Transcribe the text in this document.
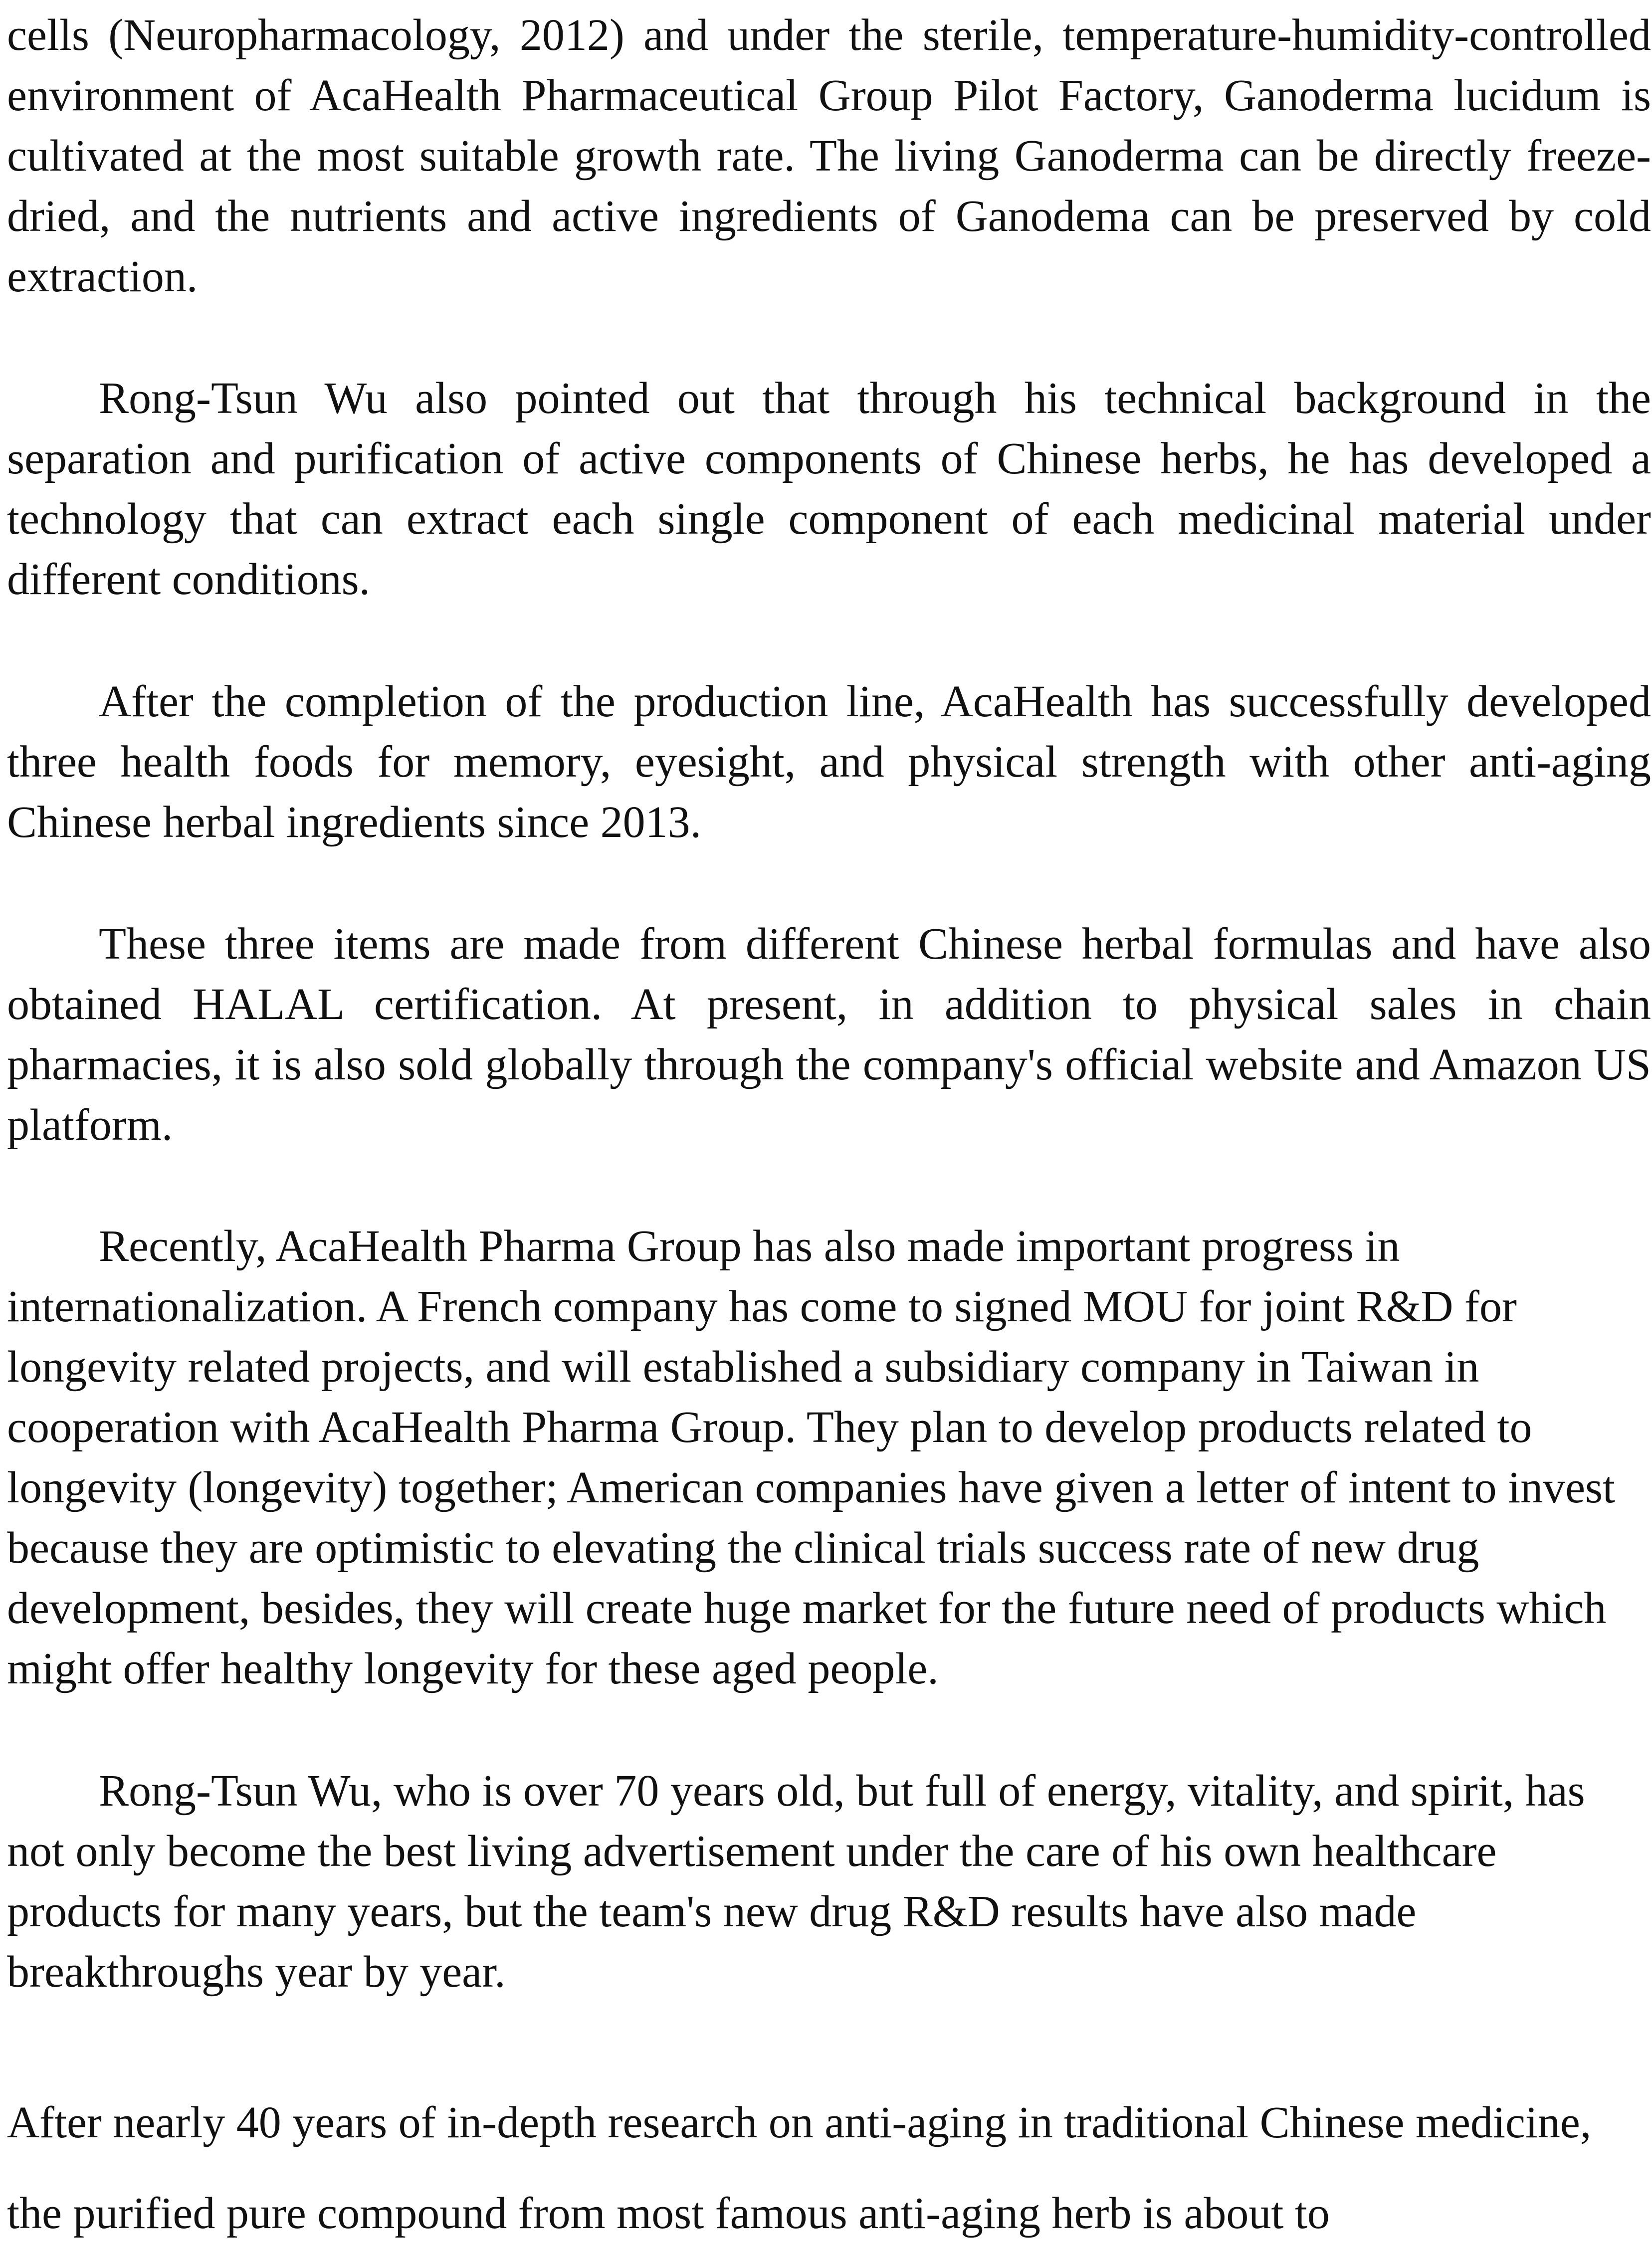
cells (Neuropharmacology, 2012) and under the sterile, temperature-humidity-controlled environment of AcaHealth Pharmaceutical Group Pilot Factory, Ganoderma lucidum is cultivated at the most suitable growth rate. The living Ganoderma can be directly freeze-dried, and the nutrients and active ingredients of Ganodema can be preserved by cold extraction.

Rong-Tsun Wu also pointed out that through his technical background in the separation and purification of active components of Chinese herbs, he has developed a technology that can extract each single component of each medicinal material under different conditions.

After the completion of the production line, AcaHealth has successfully developed three health foods for memory, eyesight, and physical strength with other anti-aging Chinese herbal ingredients since 2013.

These three items are made from different Chinese herbal formulas and have also obtained HALAL certification. At present, in addition to physical sales in chain pharmacies, it is also sold globally through the company's official website and Amazon US platform.

Recently, AcaHealth Pharma Group has also made important progress in internationalization. A French company has come to signed MOU for joint R&D for longevity related projects, and will established a subsidiary company in Taiwan in cooperation with AcaHealth Pharma Group. They plan to develop products related to longevity (longevity) together; American companies have given a letter of intent to invest because they are optimistic to elevating the clinical trials success rate of new drug development, besides, they will create huge market for the future need of products which might offer healthy longevity for these aged people.

Rong-Tsun Wu, who is over 70 years old, but full of energy, vitality, and spirit, has not only become the best living advertisement under the care of his own healthcare products for many years, but the team's new drug R&D results have also made breakthroughs year by year.

After nearly 40 years of in-depth research on anti-aging in traditional Chinese medicine, the purified pure compound from most famous anti-aging herb is about to
